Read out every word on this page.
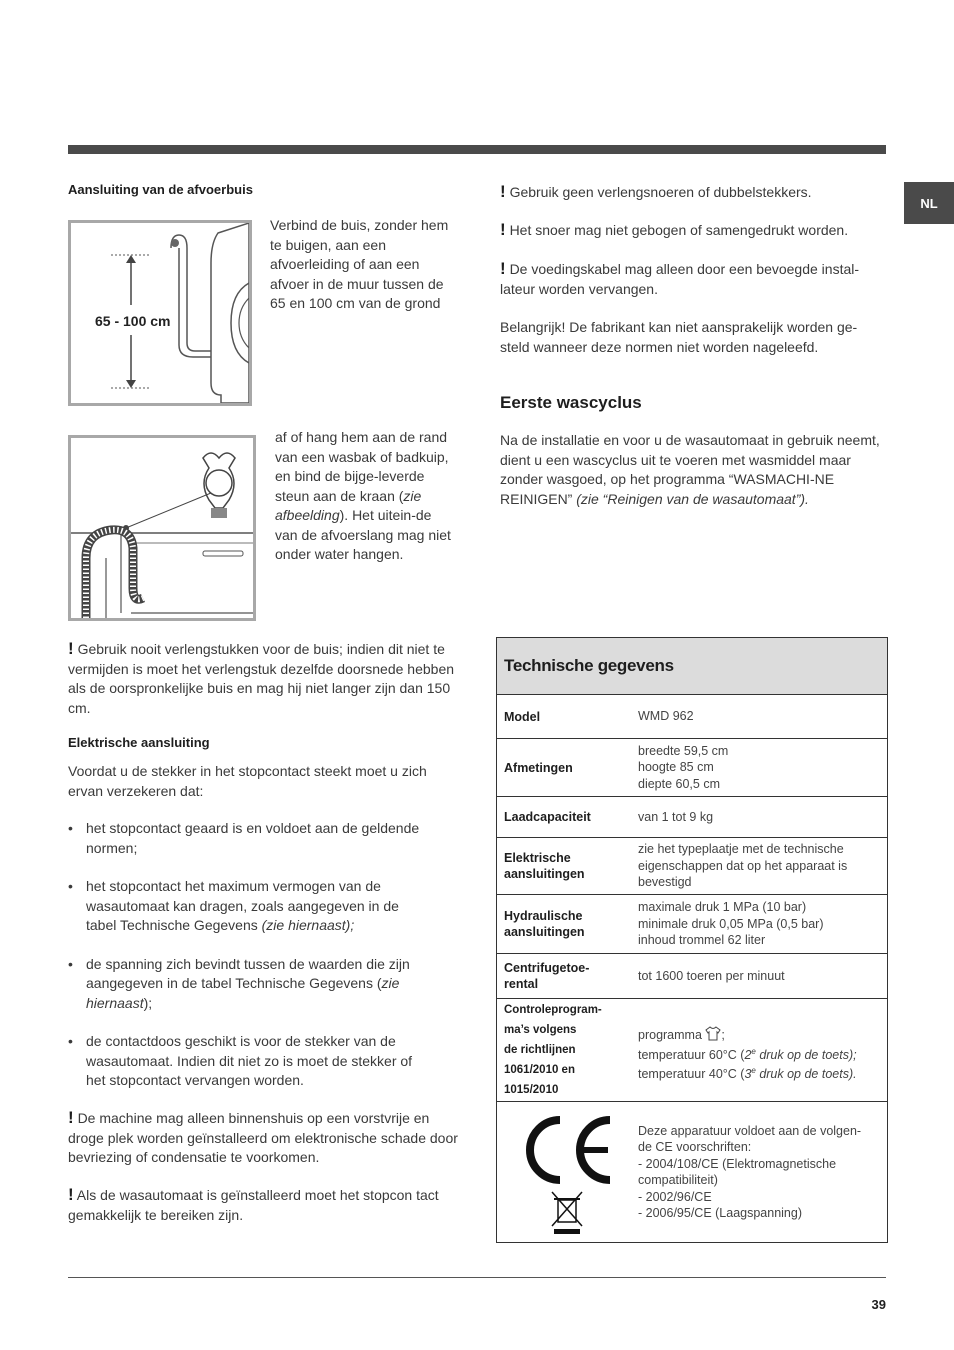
NL
Aansluiting van de afvoerbuis
65 - 100 cm
Verbind de buis, zonder hem te buigen, aan een afvoerleiding of aan een afvoer in de muur tussen de 65 en 100 cm van de grond
af of hang hem aan de rand van een wasbak of badkuip, en bind de bijge-leverde steun aan de kraan (zie afbeelding). Het uitein-de van de afvoerslang mag niet onder water hangen.
! Gebruik nooit verlengstukken voor de buis; indien dit niet te vermijden is moet het verlengstuk dezelfde doorsnede hebben als de oorspronkelijke buis en mag hij niet langer zijn dan 150 cm.
Elektrische aansluiting
Voordat u de stekker in het stopcontact steekt moet u zich ervan verzekeren dat:
• het stopcontact geaard is en voldoet aan de geldende normen;
• het stopcontact het maximum vermogen van de wasautomaat kan dragen, zoals aangegeven in de tabel Technische Gegevens (zie hiernaast);
• de spanning zich bevindt tussen de waarden die zijn aangegeven in de tabel Technische Gegevens (zie hiernaast);
• de contactdoos geschikt is voor de stekker van de wasautomaat. Indien dit niet zo is moet de stekker of het stopcontact vervangen worden.
! De machine mag alleen binnenshuis op een vorstvrije en droge plek worden geïnstalleerd om elektronische schade door bevriezing of condensatie te voorkomen.
! Als de wasautomaat is geïnstalleerd moet het stopcon tact gemakkelijk te bereiken zijn.
! Gebruik geen verlengsnoeren of dubbelstekkers.
! Het snoer mag niet gebogen of samengedrukt worden.
! De voedingskabel mag alleen door een bevoegde instal-lateur worden vervangen.
Belangrijk! De fabrikant kan niet aansprakelijk worden ge-steld wanneer deze normen niet worden nageleefd.
Eerste wascyclus
Na de installatie en voor u de wasautomaat in gebruik neemt, dient u een wascyclus uit te voeren met wasmiddel maar zonder wasgoed, op het programma “WASMACHI-NE REINIGEN” (zie “Reinigen van de wasautomaat”).
Technische gegevens
Model	WMD 962
Afmetingen
breedte 59,5 cm
hoogte 85 cm
diepte 60,5 cm
Laadcapaciteit	van 1 tot 9 kg
Elektrische
aansluitingen
zie het typeplaatje met de technische
eigenschappen dat op het apparaat is
bevestigd
Hydraulische
aansluitingen
maximale druk 1 MPa (10 bar)
minimale druk 0,05 MPa (0,5 bar)
inhoud trommel 62 liter
Centrifugetoe-
rental
tot 1600 toeren per minuut
Controleprogram-
ma’s volgens
de richtlijnen
1061/2010 en
1015/2010
programma ;
temperatuur 60°C (2e druk op de toets);
temperatuur 40°C (3e druk op de toets).
Deze apparatuur voldoet aan de volgen-
de CE voorschriften:
- 2004/108/CE (Elektromagnetische
compatibiliteit)
- 2002/96/CE
- 2006/95/CE (Laagspanning)
39
